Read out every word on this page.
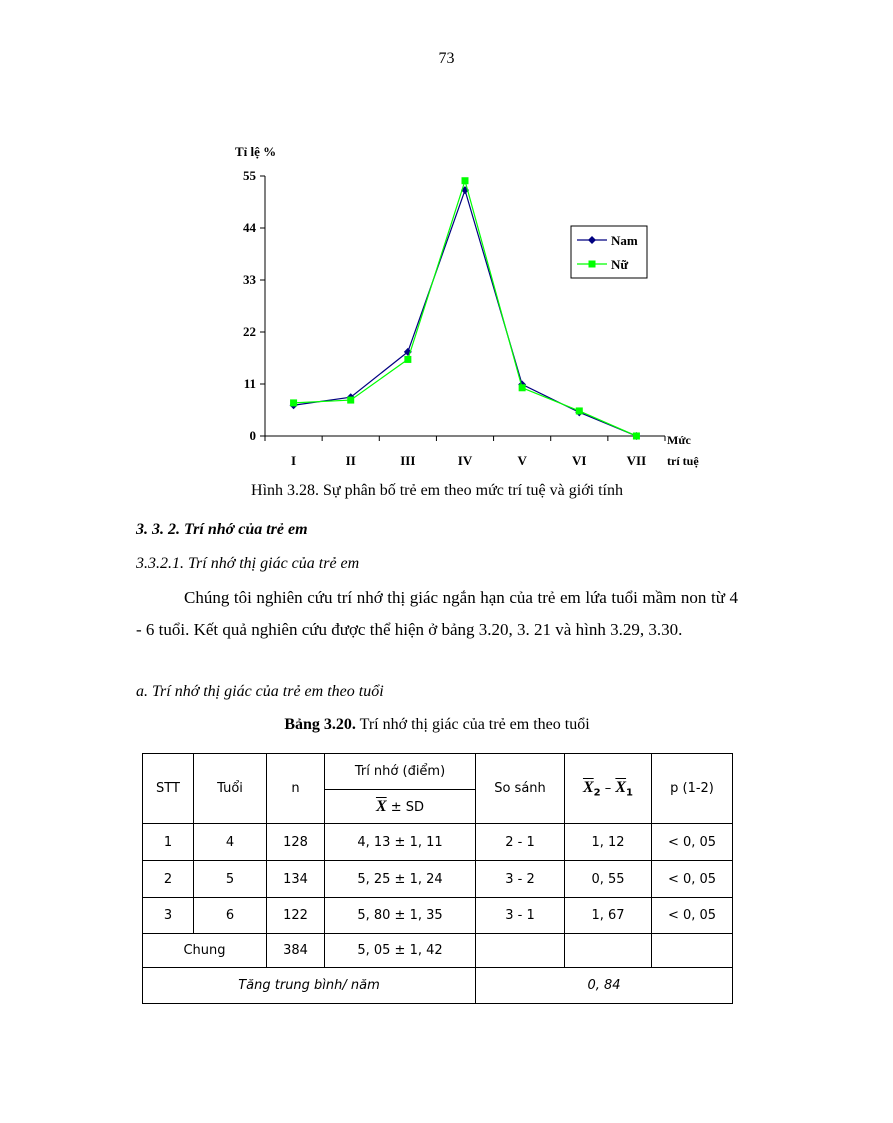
73
0
11
22
33
44
55
I	II	III	IV	V	VI	VII
Tỉ lệ %
Mức
trí tuệ
Nam
Nữ
Hình 3.28. Sự phân bố trẻ em theo mức trí tuệ và giới tính
3. 3. 2. Trí nhớ của trẻ em
3.3.2.1. Trí nhớ thị giác của trẻ em
Chúng tôi nghiên cứu trí nhớ thị giác ngắn hạn của trẻ em lứa tuổi mầm non từ 4 - 6 tuổi. Kết quả nghiên cứu được thể hiện ở bảng 3.20, 3. 21 và hình 3.29, 3.30.
a. Trí nhớ thị giác của trẻ em theo tuổi
Bảng 3.20. Trí nhớ thị giác của trẻ em theo tuổi
STT	Tuổi	n	Trí nhớ (điểm)	So sánh	$\overline{X}_2 - \overline{X}_1$	p (1-2)
			$\overline{X}$ ± SD			
1	4	128	4, 13 ± 1, 11	2 - 1	1, 12	< 0, 05
2	5	134	5, 25 ± 1, 24	3 - 2	0, 55	< 0, 05
3	6	122	5, 80 ± 1, 35	3 - 1	1, 67	< 0, 05
Chung		384	5, 05 ± 1, 42			
Tăng trung bình/ năm				0, 84		
